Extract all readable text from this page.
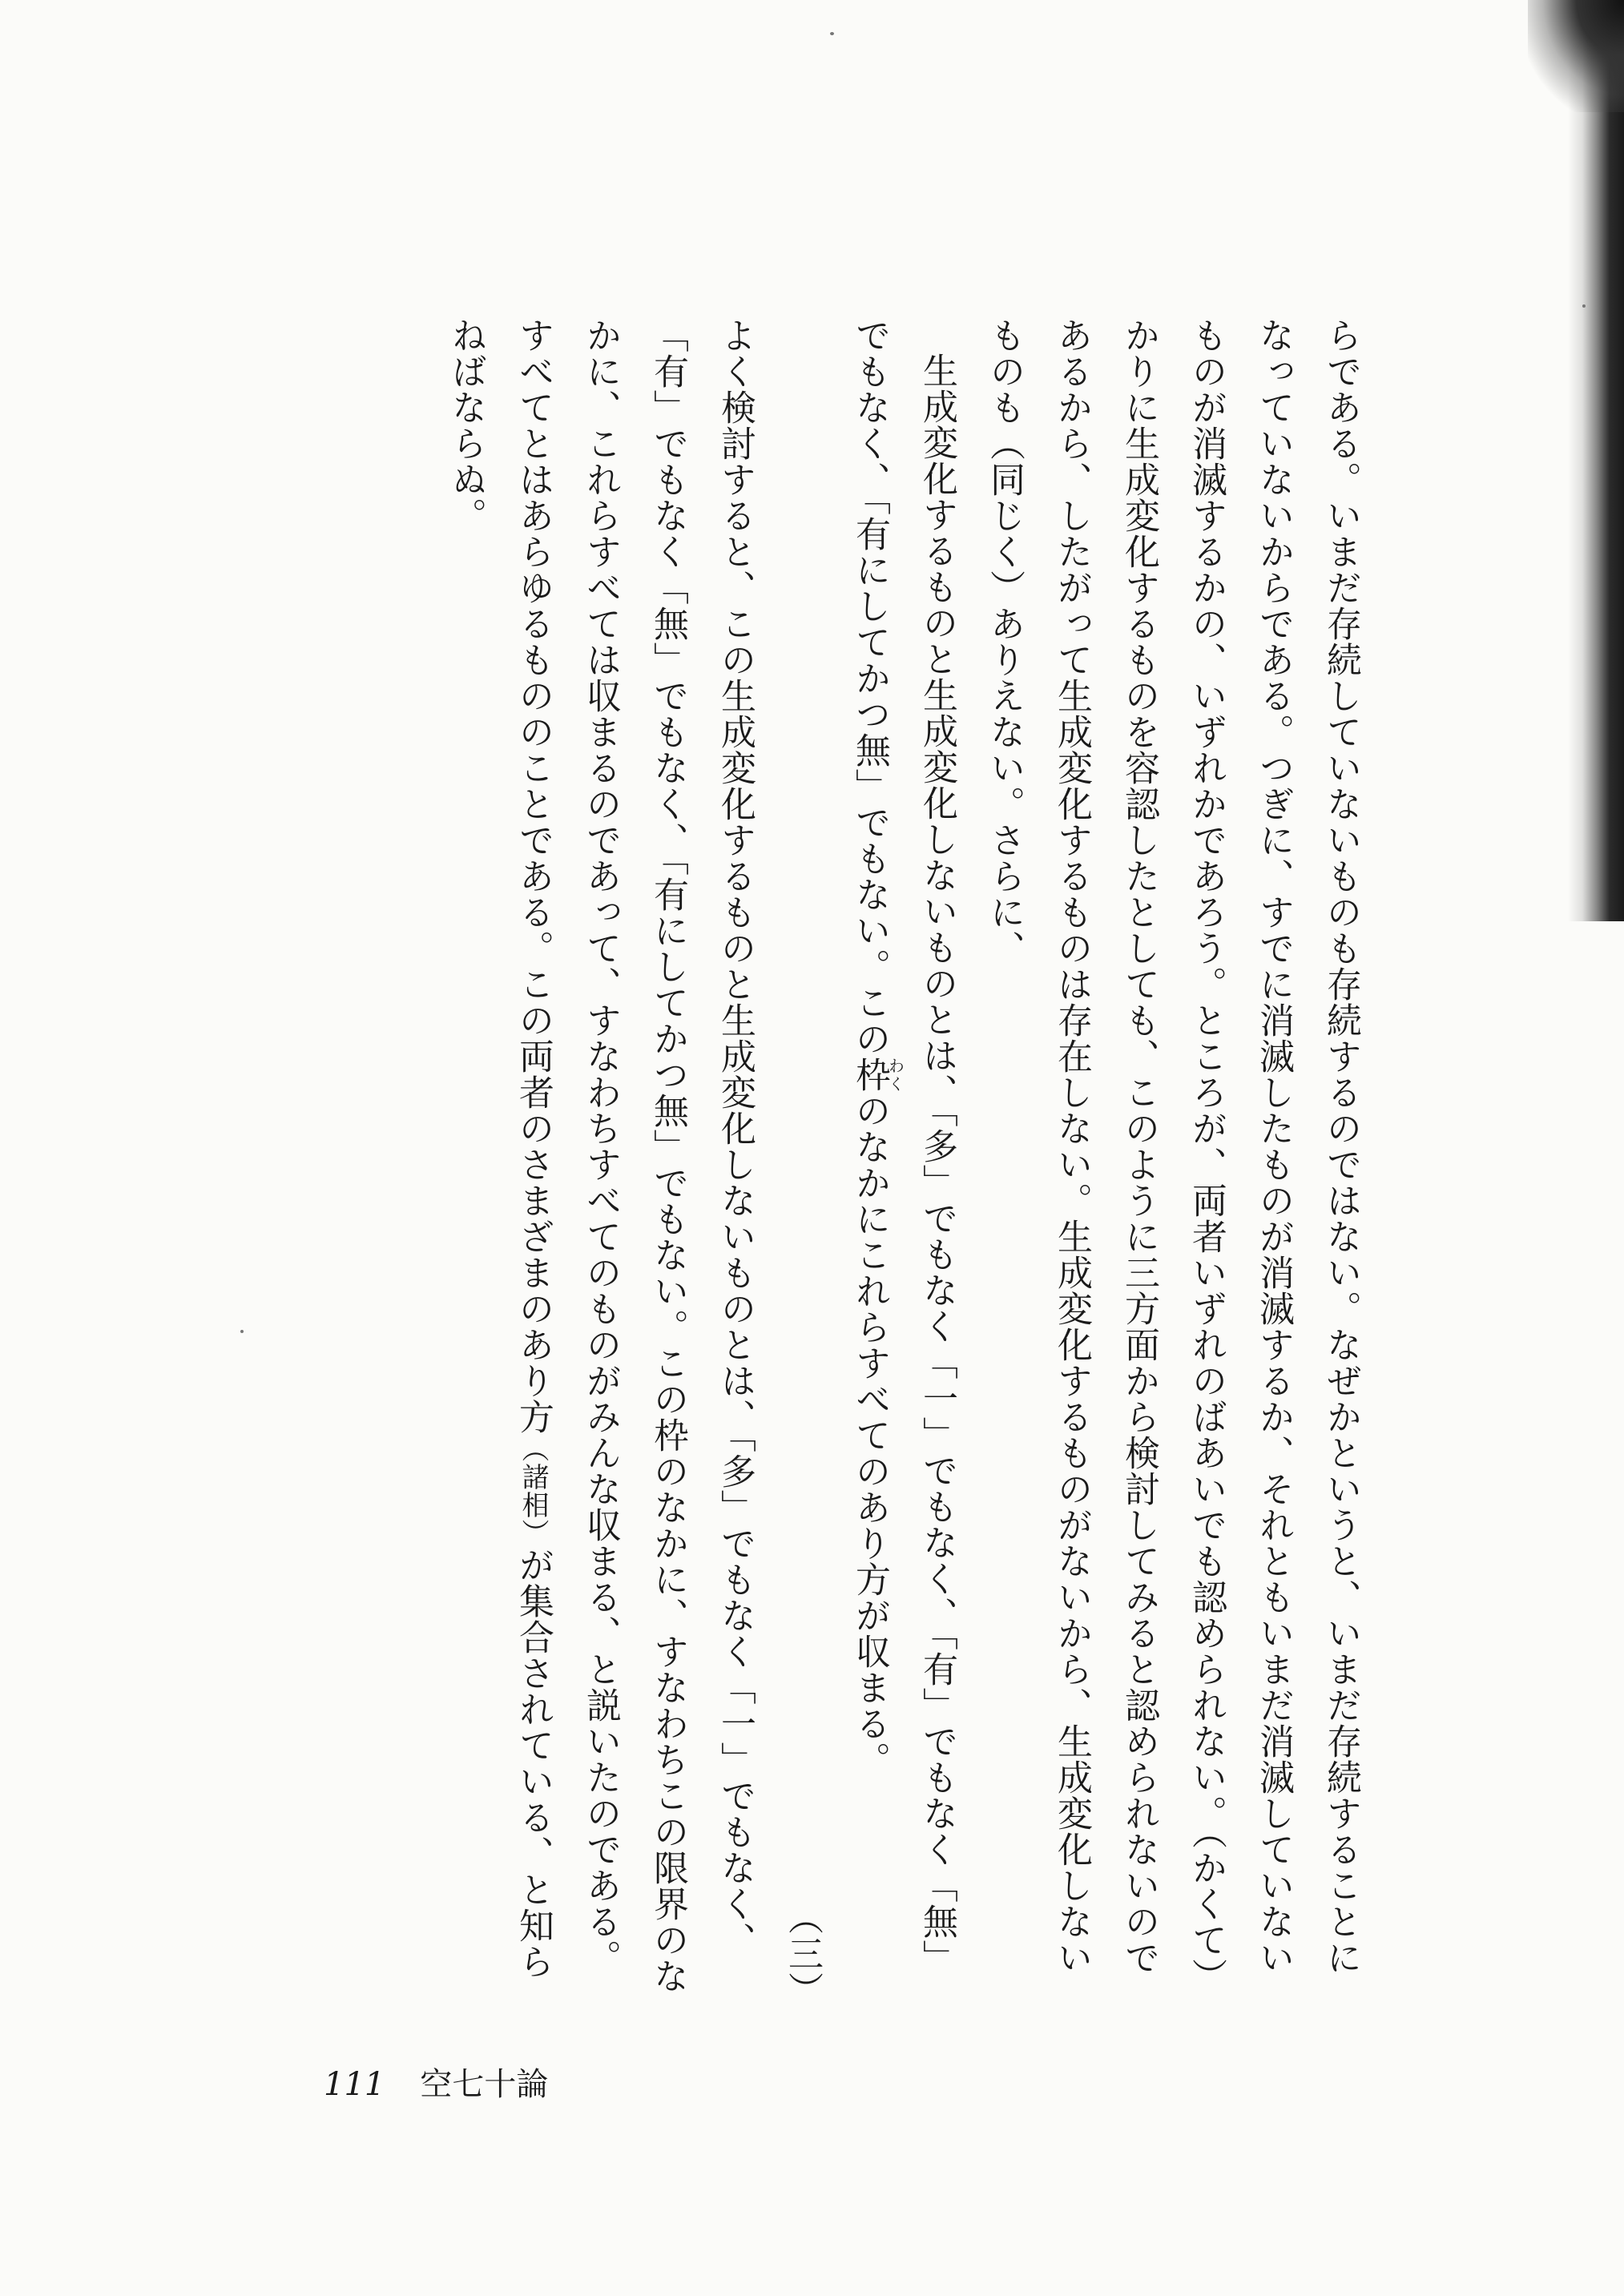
らである。いまだ存続していないものも存続するのではない。なぜかというと、いまだ存続することになっていないからである。つぎに、すでに消滅したものが消滅するか、それともいまだ消滅していないものが消滅するかの、いずれかであろう。ところが、両者いずれのばあいでも認められない。（かくて）かりに生成変化するものを容認したとしても、このように三方面から検討してみると認められないのであるから、したがって生成変化するものは存在しない。生成変化するものがないから、生成変化しないものも（同じく）ありえない。さらに、

生成変化するものと生成変化しないものとは、「多」でもなく「一」でもなく、「有」でもなく「無」でもなく、「有にしてかつ無」でもない。この枠わくのなかにこれらすべてのあり方が収まる。

（三）

よく検討すると、この生成変化するものと生成変化しないものとは、「多」でもなく「一」でもなく、「有」でもなく「無」でもなく、「有にしてかつ無」でもない。この枠のなかに、すなわちこの限界のなかに、これらすべては収まるのであって、すなわちすべてのものがみんな収まる、と説いたのである。すべてとはあらゆるもののことである。この両者のさまざまのあり方（諸相）が集合されている、と知らねばならぬ。

111 空七十論
